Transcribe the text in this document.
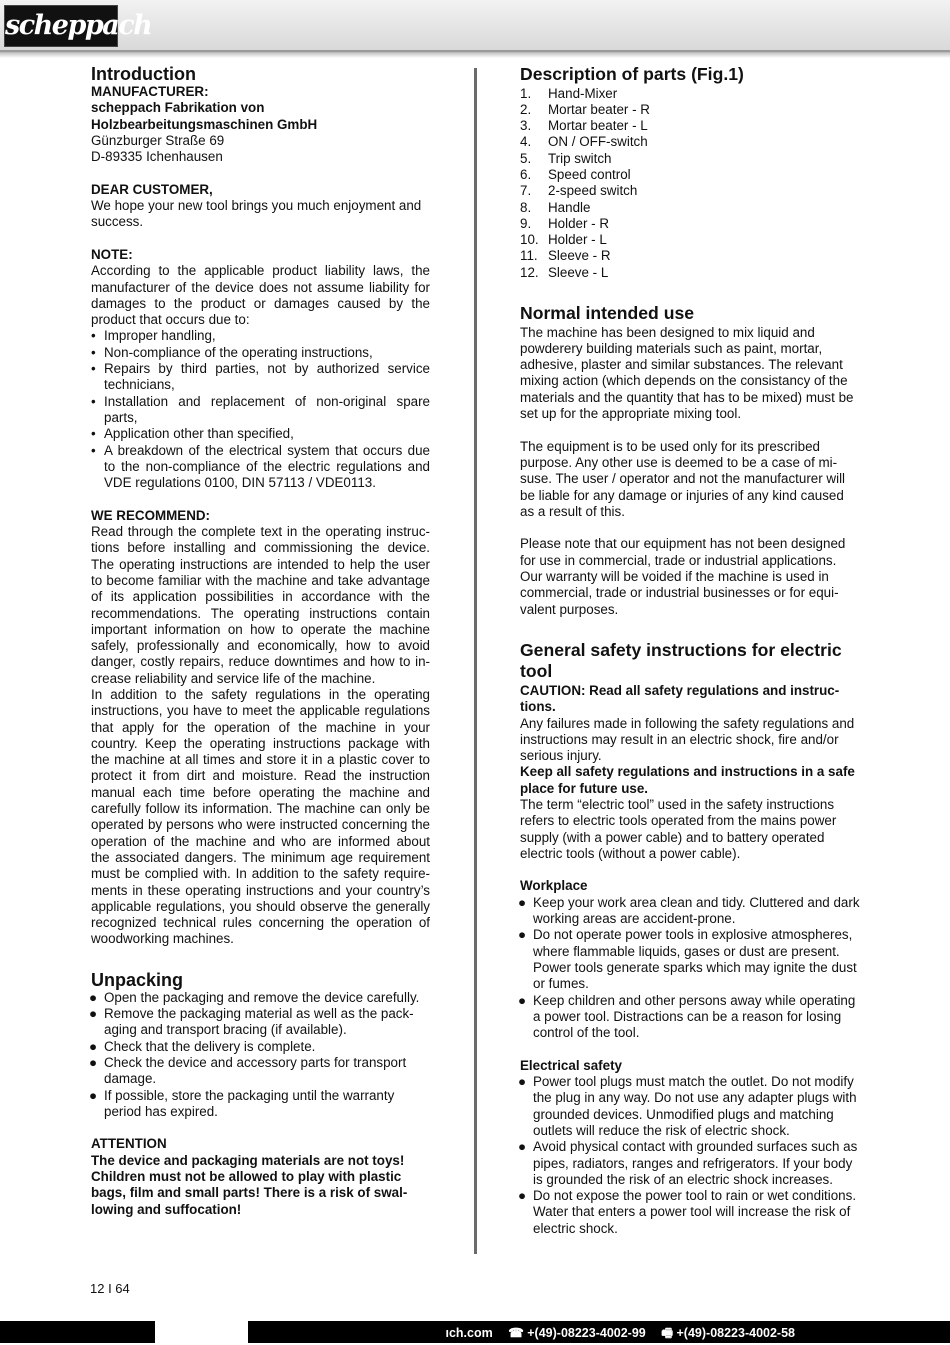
scheppach
Introduction

MANUFACTURER:

scheppach Fabrikation von

Holzbearbeitungsmaschinen GmbH

Günzburger Straße 69

D-89335 Ichenhausen

DEAR CUSTOMER,

We hope your new tool brings you much enjoyment and success.

NOTE:

According to the applicable product liability laws, the manufacturer of the device does not assume liability for damages to the product or damages caused by the product that occurs due to:

• Improper handling,
• Non-compliance of the operating instructions,
• Repairs by third parties, not by authorized service technicians,
• Installation and replacement of non-original spare parts,
• Application other than specified,
• A breakdown of the electrical system that occurs due to the non-compliance of the electric regulations and VDE regulations 0100, DIN 57113 / VDE0113.

WE RECOMMEND:

Read through the complete text in the operating instructions before installing and commissioning the device. The operating instructions are intended to help the user to become familiar with the machine and take advantage of its application possibilities in accordance with the recommendations. The operating instructions contain important information on how to operate the machine safely, professionally and economically, how to avoid danger, costly repairs, reduce downtimes and how to increase reliability and service life of the machine.

In addition to the safety regulations in the operating instructions, you have to meet the applicable regulations that apply for the operation of the machine in your country. Keep the operating instructions package with the machine at all times and store it in a plastic cover to protect it from dirt and moisture. Read the instruction manual each time before operating the machine and carefully follow its information. The machine can only be operated by persons who were instructed concerning the operation of the machine and who are informed about the associated dangers. The minimum age requirement must be complied with. In addition to the safety requirements in these operating instructions and your country’s applicable regulations, you should observe the generally recognized technical rules concerning the operation of woodworking machines.

Unpacking
● Open the packaging and remove the device carefully.
● Remove the packaging material as well as the packaging and transport bracing (if available).
● Check that the delivery is complete.
● Check the device and accessory parts for transport damage.
● If possible, store the packaging until the warranty period has expired.

ATTENTION

The device and packaging materials are not toys! Children must not be allowed to play with plastic bags, film and small parts! There is a risk of swallowing and suffocation!

Description of parts (Fig.1)
1. Hand-Mixer
2. Mortar beater - R
3. Mortar beater - L
4. ON / OFF-switch
5. Trip switch
6. Speed control
7. 2-speed switch
8. Handle
9. Holder - R
10. Holder - L
11. Sleeve - R
12. Sleeve - L
Normal intended use

The machine has been designed to mix liquid and powderery building materials such as paint, mortar, adhesive, plaster and similar substances. The relevant mixing action (which depends on the consistancy of the materials and the quantity that has to be mixed) must be set up for the appropriate mixing tool.

The equipment is to be used only for its prescribed purpose. Any other use is deemed to be a case of misuse. The user / operator and not the manufacturer will be liable for any damage or injuries of any kind caused as a result of this.

Please note that our equipment has not been designed for use in commercial, trade or industrial applications. Our warranty will be voided if the machine is used in commercial, trade or industrial businesses or for equivalent purposes.

General safety instructions for electric tool

CAUTION: Read all safety regulations and instructions.

Any failures made in following the safety regulations and instructions may result in an electric shock, fire and/or serious injury.

Keep all safety regulations and instructions in a safe place for future use.

The term “electric tool” used in the safety instructions refers to electric tools operated from the mains power supply (with a power cable) and to battery operated electric tools (without a power cable).

Workplace

● Keep your work area clean and tidy. Cluttered and dark working areas are accident-prone.
● Do not operate power tools in explosive atmospheres, where flammable liquids, gases or dust are present. Power tools generate sparks which may ignite the dust or fumes.
● Keep children and other persons away while operating a power tool. Distractions can be a reason for losing control of the tool.

Electrical safety

● Power tool plugs must match the outlet. Do not modify the plug in any way. Do not use any adapter plugs with grounded devices. Unmodified plugs and matching outlets will reduce the risk of electric shock.
● Avoid physical contact with grounded surfaces such as pipes, radiators, ranges and refrigerators. If your body is grounded the risk of an electric shock increases.
● Do not expose the power tool to rain or wet conditions. Water that enters a power tool will increase the risk of electric shock.
12 I 64
ıch.com ☎ +(49)-08223-4002-99 🖷 +(49)-08223-4002-58
